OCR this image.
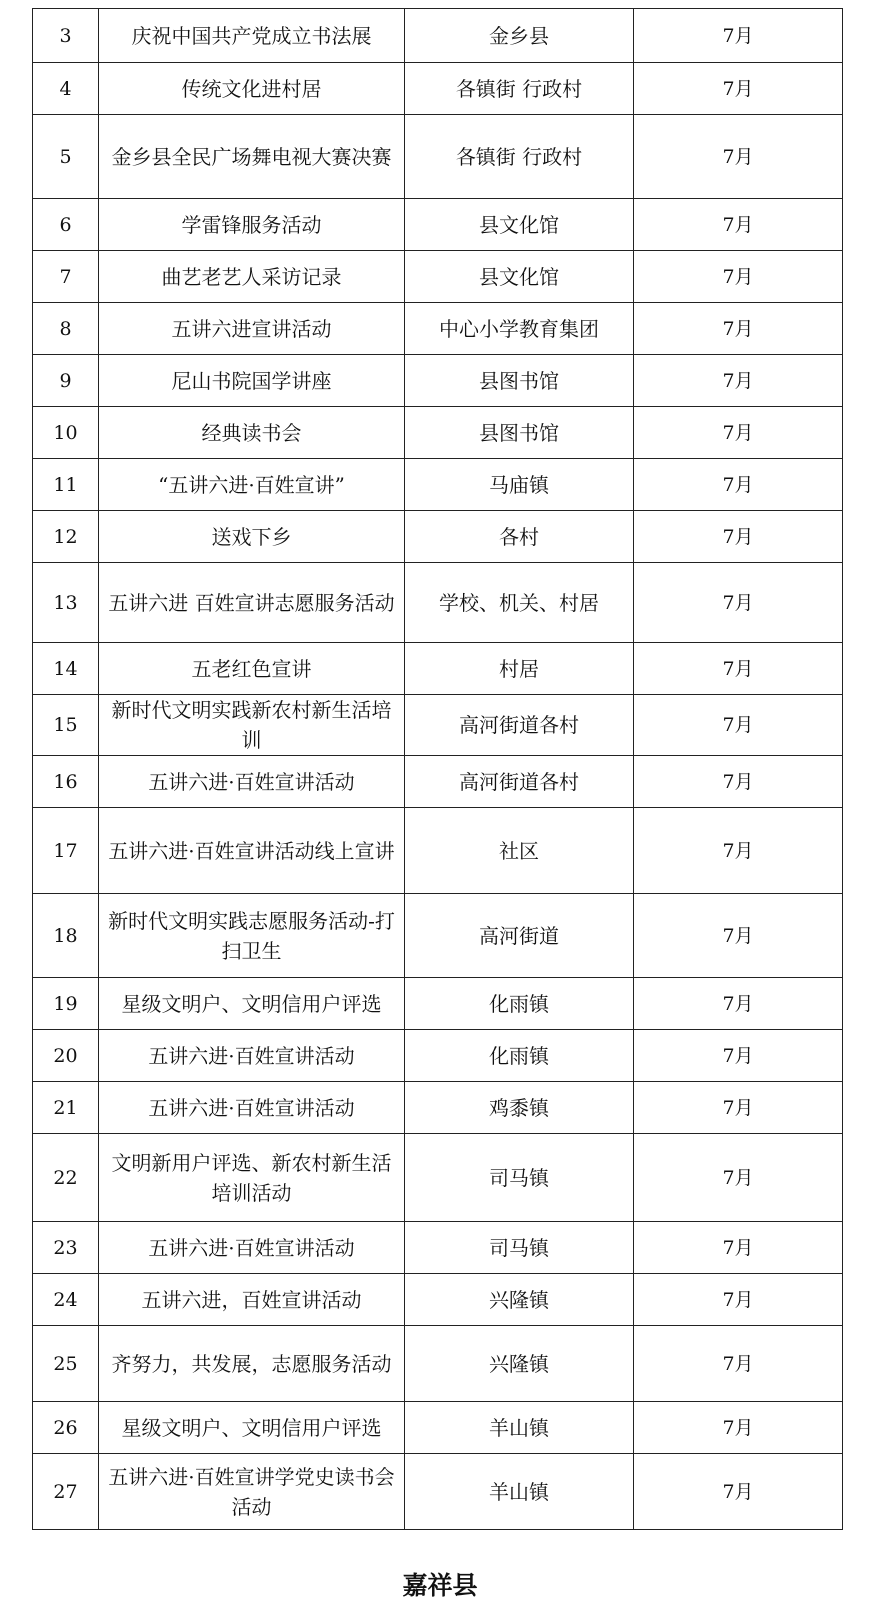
3	庆祝中国共产党成立书法展	金乡县	7月
4	传统文化进村居	各镇街 行政村	7月
5	金乡县全民广场舞电视大赛决赛	各镇街 行政村	7月
6	学雷锋服务活动	县文化馆	7月
7	曲艺老艺人采访记录	县文化馆	7月
8	五讲六进宣讲活动	中心小学教育集团	7月
9	尼山书院国学讲座	县图书馆	7月
10	经典读书会	县图书馆	7月
11	“五讲六进·百姓宣讲”	马庙镇	7月
12	送戏下乡	各村	7月
13	五讲六进 百姓宣讲志愿服务活动	学校、机关、村居	7月
14	五老红色宣讲	村居	7月
15	新时代文明实践新农村新生活培训	高河街道各村	7月
16	五讲六进·百姓宣讲活动	高河街道各村	7月
17	五讲六进·百姓宣讲活动线上宣讲	社区	7月
18	新时代文明实践志愿服务活动-打扫卫生	高河街道	7月
19	星级文明户、文明信用户评选	化雨镇	7月
20	五讲六进·百姓宣讲活动	化雨镇	7月
21	五讲六进·百姓宣讲活动	鸡黍镇	7月
22	文明新用户评选、新农村新生活培训活动	司马镇	7月
23	五讲六进·百姓宣讲活动	司马镇	7月
24	五讲六进，百姓宣讲活动	兴隆镇	7月
25	齐努力，共发展，志愿服务活动	兴隆镇	7月
26	星级文明户、文明信用户评选	羊山镇	7月
27	五讲六进·百姓宣讲学党史读书会活动	羊山镇	7月
嘉祥县
